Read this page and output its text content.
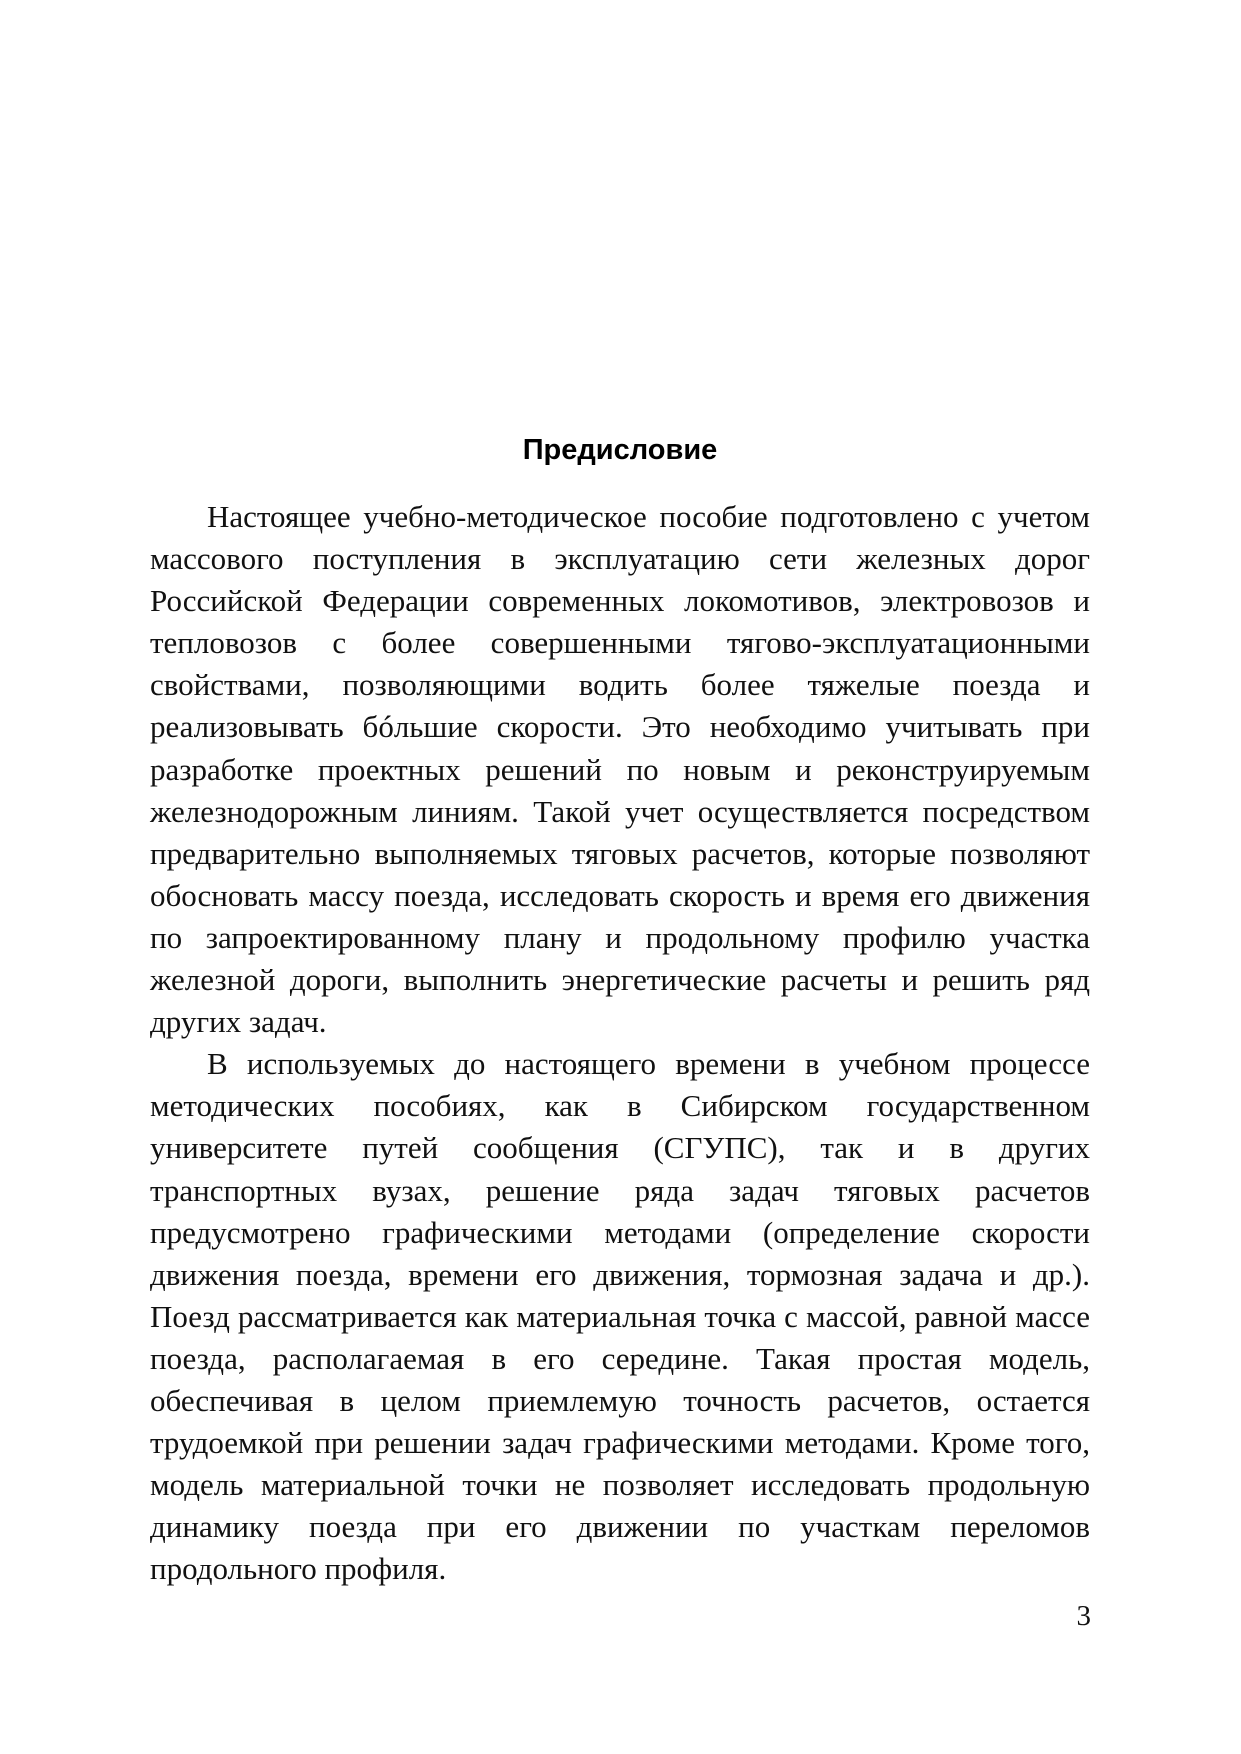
Предисловие

Настоящее учебно-методическое пособие подготовлено с учетом массового поступления в эксплуатацию сети железных дорог Российской Федерации современных локомотивов, электровозов и тепловозов с более совершенными тягово-эксплуатационными свойствами, позволяющими водить более тяжелые поезда и реализовывать бóльшие скорости. Это необходимо учитывать при разработке проектных решений по новым и реконструируемым железнодорожным линиям. Такой учет осуществляется посредством предварительно выполняемых тяговых расчетов, которые позволяют обосновать массу поезда, исследовать скорость и время его движения по запроектированному плану и продольному профилю участка железной дороги, выполнить энергетические расчеты и решить ряд других задач.

В используемых до настоящего времени в учебном процессе методических пособиях, как в Сибирском государственном университете путей сообщения (СГУПС), так и в других транспортных вузах, решение ряда задач тяговых расчетов предусмотрено графическими методами (определение скорости движения поезда, времени его движения, тормозная задача и др.). Поезд рассматривается как материальная точка с массой, равной массе поезда, располагаемая в его середине. Такая простая модель, обеспечивая в целом приемлемую точность расчетов, остается трудоемкой при решении задач графическими методами. Кроме того, модель материальной точки не позволяет исследовать продольную динамику поезда при его движении по участкам переломов продольного профиля.

3
